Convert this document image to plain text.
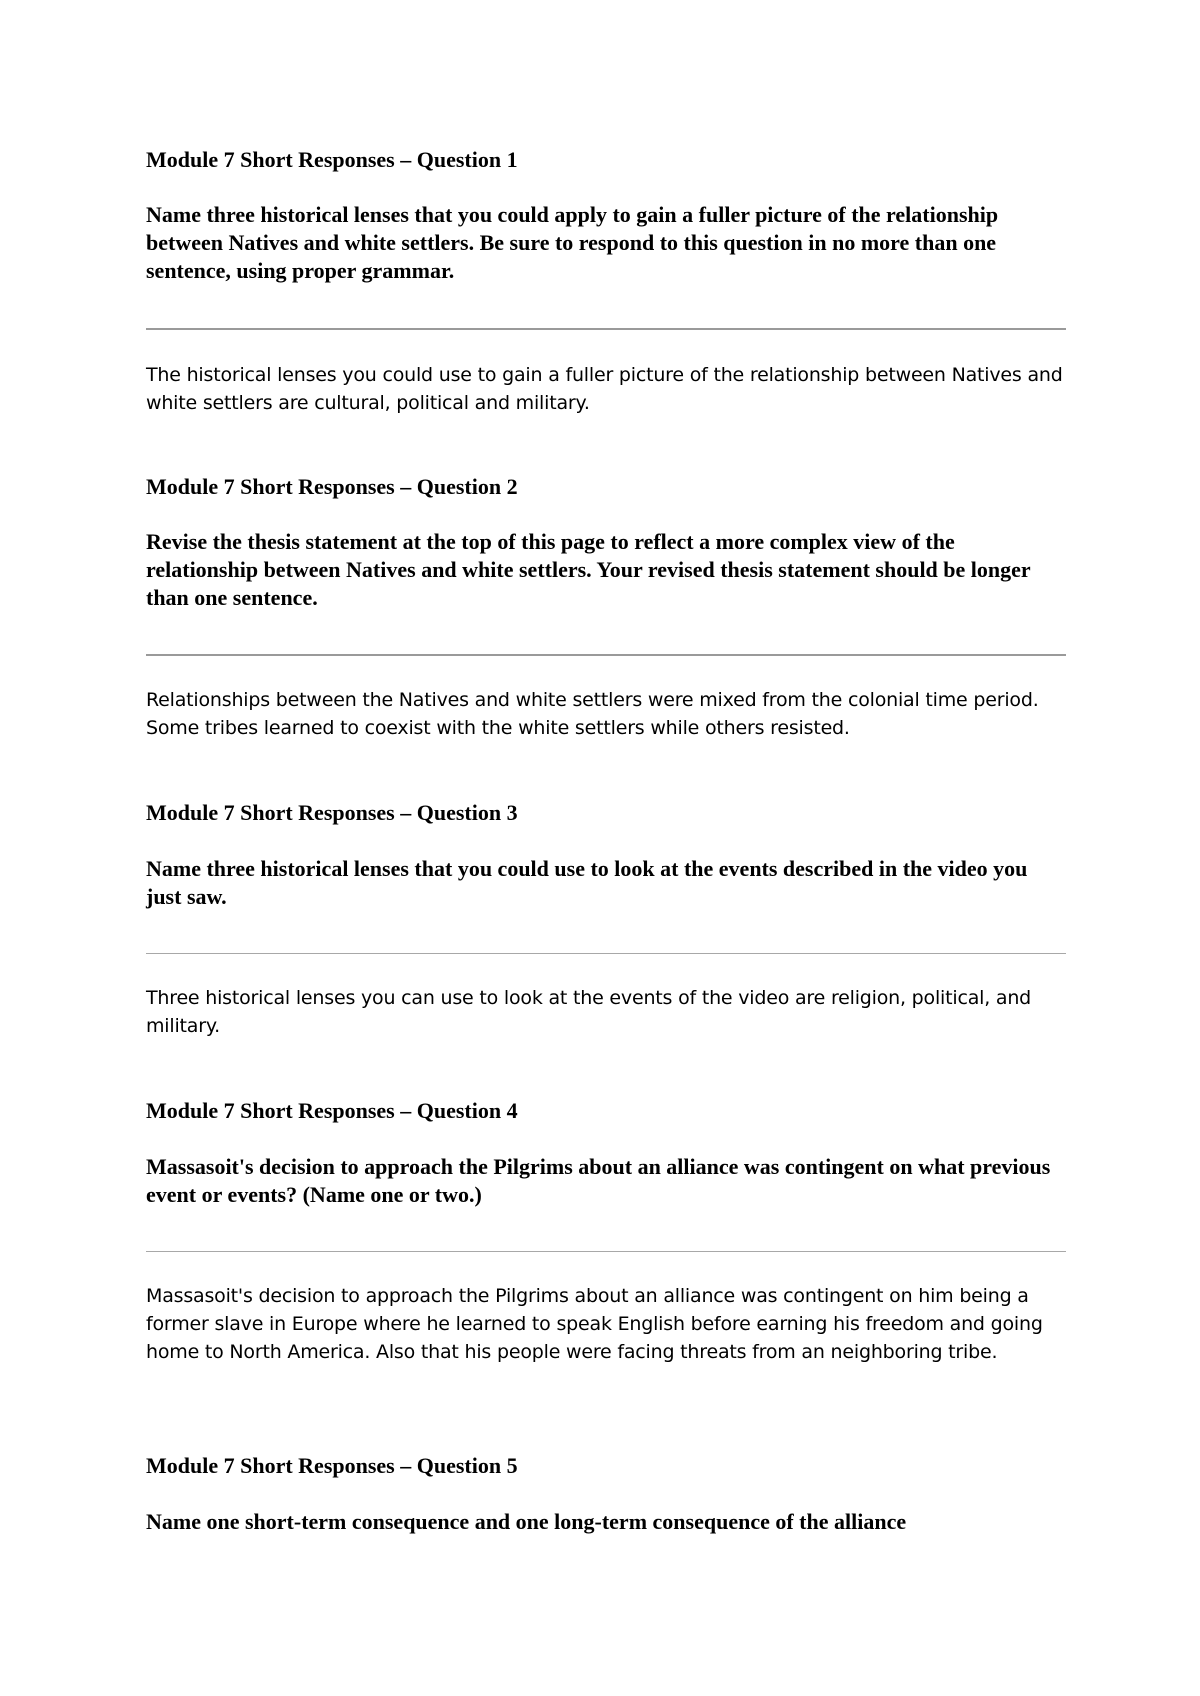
Module 7 Short Responses – Question 1

Name three historical lenses that you could apply to gain a fuller picture of the relationship between Natives and white settlers. Be sure to respond to this question in no more than one sentence, using proper grammar.

The historical lenses you could use to gain a fuller picture of the relationship between Natives and white settlers are cultural, political and military.

Module 7 Short Responses – Question 2

Revise the thesis statement at the top of this page to reflect a more complex view of the relationship between Natives and white settlers. Your revised thesis statement should be longer than one sentence.

Relationships between the Natives and white settlers were mixed from the colonial time period. Some tribes learned to coexist with the white settlers while others resisted.

Module 7 Short Responses – Question 3

Name three historical lenses that you could use to look at the events described in the video you just saw.

Three historical lenses you can use to look at the events of the video are religion, political, and military.

Module 7 Short Responses – Question 4

Massasoit's decision to approach the Pilgrims about an alliance was contingent on what previous event or events? (Name one or two.)

Massasoit's decision to approach the Pilgrims about an alliance was contingent on him being a former slave in Europe where he learned to speak English before earning his freedom and going home to North America. Also that his people were facing threats from an neighboring tribe.

Module 7 Short Responses – Question 5

Name one short-term consequence and one long-term consequence of the alliance
